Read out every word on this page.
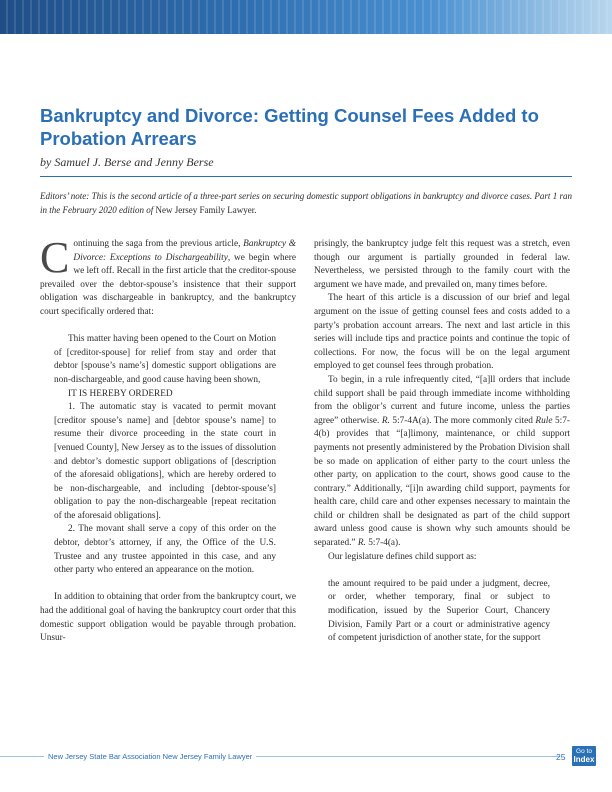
Bankruptcy and Divorce: Getting Counsel Fees Added to Probation Arrears
by Samuel J. Berse and Jenny Berse
Editors’ note: This is the second article of a three-part series on securing domestic support obligations in bankruptcy and divorce cases. Part 1 ran in the February 2020 edition of New Jersey Family Lawyer.

Continuing the saga from the previous article, Bankruptcy & Divorce: Exceptions to Dischargeability, we begin where we left off. Recall in the first article that the creditor-spouse prevailed over the debtor-spouse’s insistence that their support obligation was dischargeable in bankruptcy, and the bankruptcy court specifically ordered that:

This matter having been opened to the Court on Motion of [creditor-spouse] for relief from stay and order that debtor [spouse’s name’s] domestic support obligations are non-dischargeable, and good cause having been shown,

IT IS HEREBY ORDERED

1. The automatic stay is vacated to permit movant [creditor spouse’s name] and [debtor spouse’s name] to resume their divorce proceeding in the state court in [venued County], New Jersey as to the issues of dissolution and debtor’s domestic support obligations of [description of the aforesaid obligations], which are hereby ordered to be non-dischargeable, and including [debtor-spouse’s] obligation to pay the non-dischargeable [repeat recitation of the aforesaid obligations].

2. The movant shall serve a copy of this order on the debtor, debtor’s attorney, if any, the Office of the U.S. Trustee and any trustee appointed in this case, and any other party who entered an appearance on the motion.

In addition to obtaining that order from the bankruptcy court, we had the additional goal of having the bankruptcy court order that this domestic support obligation would be payable through probation. Unsur-

prisingly, the bankruptcy judge felt this request was a stretch, even though our argument is partially grounded in federal law. Nevertheless, we persisted through to the family court with the argument we have made, and prevailed on, many times before.

The heart of this article is a discussion of our brief and legal argument on the issue of getting counsel fees and costs added to a party’s probation account arrears. The next and last article in this series will include tips and practice points and continue the topic of collections. For now, the focus will be on the legal argument employed to get counsel fees through probation.

To begin, in a rule infrequently cited, “[a]ll orders that include child support shall be paid through immediate income withholding from the obligor’s current and future income, unless the parties agree” otherwise. R. 5:7-4A(a). The more commonly cited Rule 5:7-4(b) provides that “[a]limony, maintenance, or child support payments not presently administered by the Probation Division shall be so made on application of either party to the court unless the other party, on application to the court, shows good cause to the contrary.” Additionally, “[i]n awarding child support, payments for health care, child care and other expenses necessary to maintain the child or children shall be designated as part of the child support award unless good cause is shown why such amounts should be separated.” R. 5:7-4(a).

Our legislature defines child support as:

the amount required to be paid under a judgment, decree, or order, whether temporary, final or subject to modification, issued by the Superior Court, Chancery Division, Family Part or a court or administrative agency of competent jurisdiction of another state, for the support

New Jersey State Bar Association New Jersey Family Lawyer	25
Go to
Index
